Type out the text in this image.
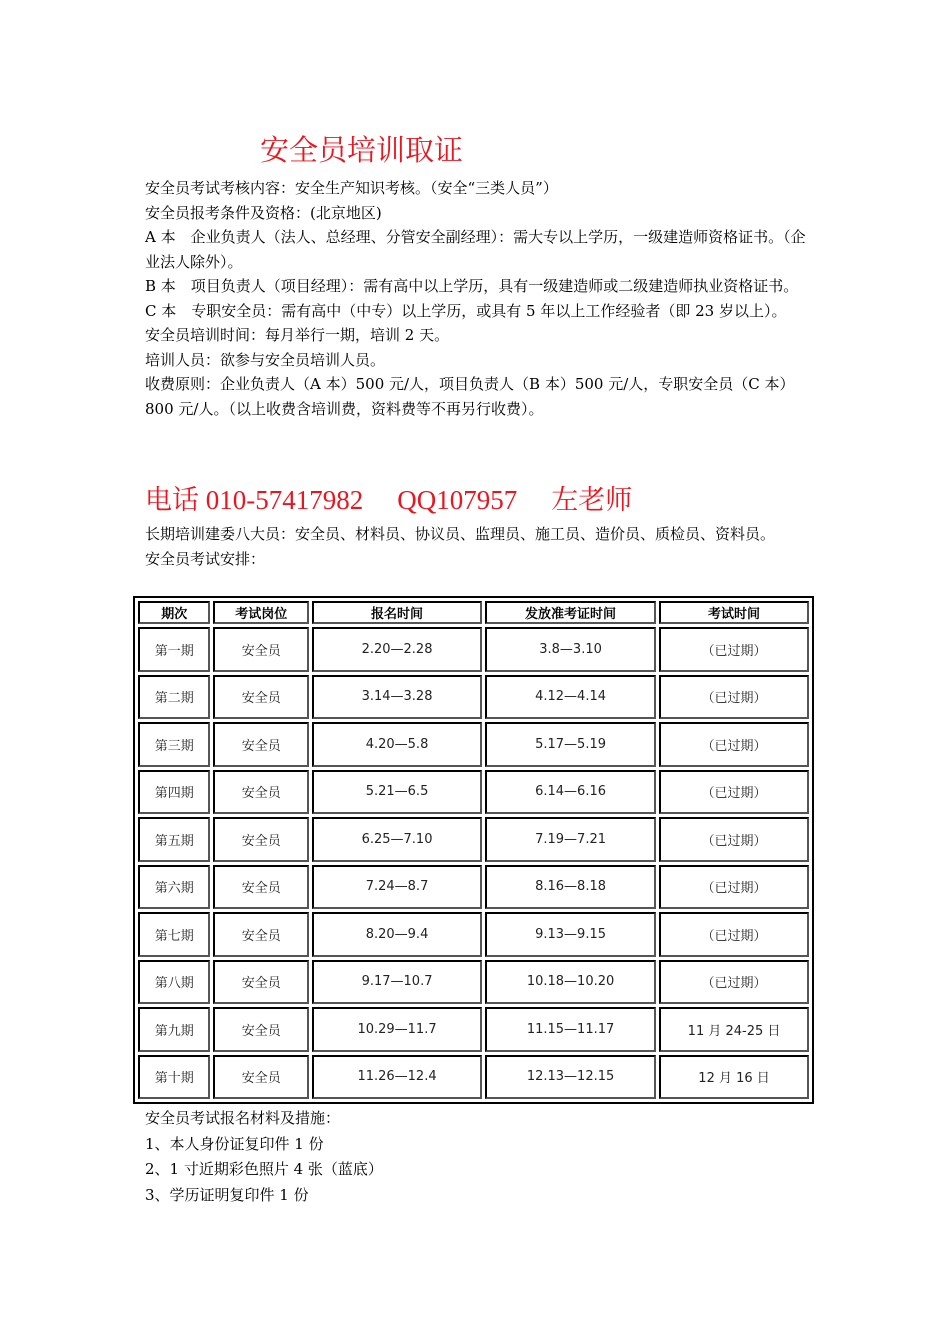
安全员培训取证

安全员考试考核内容：安全生产知识考核。（安全“三类人员”）

安全员报考条件及资格：(北京地区)

A 本　企业负责人（法人、总经理、分管安全副经理）：需大专以上学历，一级建造师资格证书。（企业法人除外）。

B 本　项目负责人（项目经理）：需有高中以上学历，具有一级建造师或二级建造师执业资格证书。

C 本　专职安全员：需有高中（中专）以上学历，或具有 5 年以上工作经验者（即 23 岁以上）。

安全员培训时间：每月举行一期，培训 2 天。

培训人员：欲参与安全员培训人员。

收费原则：企业负责人（A 本）500 元/人，项目负责人（B 本）500 元/人，专职安全员（C 本）800 元/人。（以上收费含培训费，资料费等不再另行收费）。

电话 010-57417982 QQ107957 左老师

长期培训建委八大员：安全员、材料员、协议员、监理员、施工员、造价员、质检员、资料员。

安全员考试安排：

期次	考试岗位	报名时间	发放准考证时间	考试时间
第一期	安全员	2.20—2.28	3.8—3.10	（已过期）
第二期	安全员	3.14—3.28	4.12—4.14	（已过期）
第三期	安全员	4.20—5.8	5.17—5.19	（已过期）
第四期	安全员	5.21—6.5	6.14—6.16	（已过期）
第五期	安全员	6.25—7.10	7.19—7.21	（已过期）
第六期	安全员	7.24—8.7	8.16—8.18	（已过期）
第七期	安全员	8.20—9.4	9.13—9.15	（已过期）
第八期	安全员	9.17—10.7	10.18—10.20	（已过期）
第九期	安全员	10.29—11.7	11.15—11.17	11 月 24-25 日
第十期	安全员	11.26—12.4	12.13—12.15	12 月 16 日

安全员考试报名材料及措施：

1、本人身份证复印件 1 份

2、1 寸近期彩色照片 4 张（蓝底）

3、学历证明复印件 1 份
